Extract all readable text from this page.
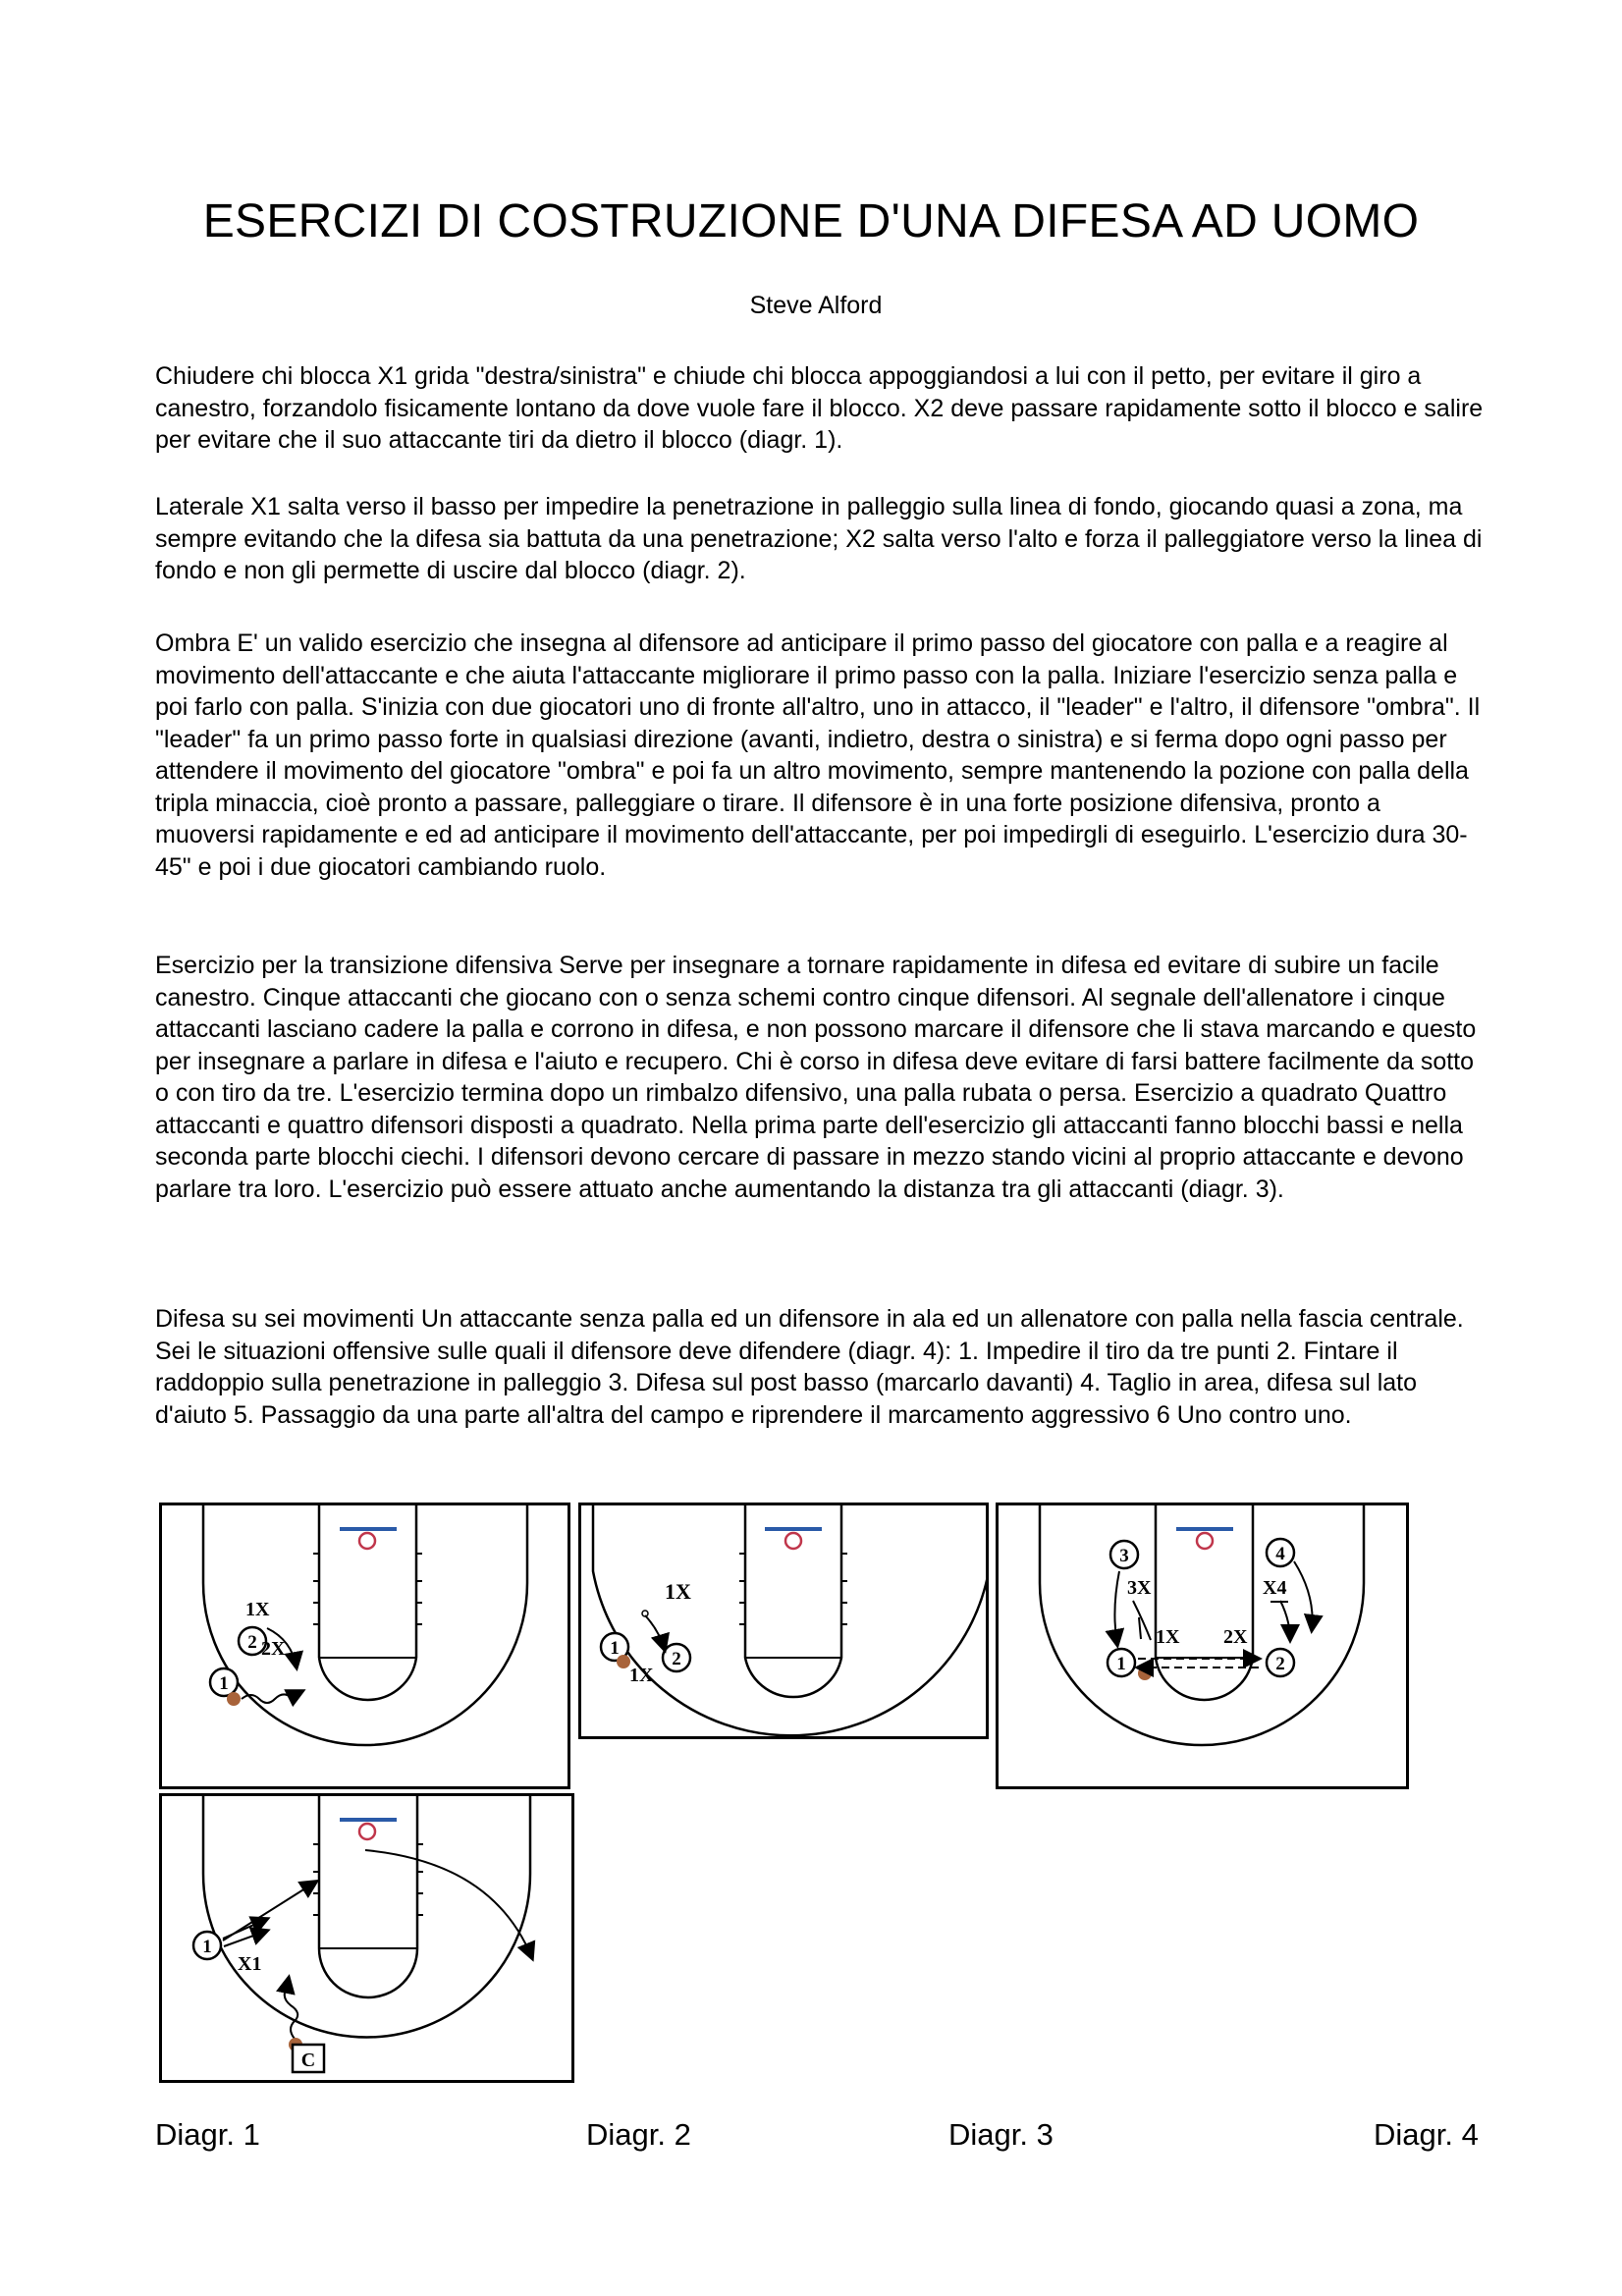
ESERCIZI DI COSTRUZIONE D'UNA DIFESA AD UOMO
Steve Alford

Chiudere chi blocca X1 grida "destra/sinistra" e chiude chi blocca appoggiandosi a lui con il petto, per evitare il giro a canestro, forzandolo fisicamente lontano da dove vuole fare il blocco. X2 deve passare rapidamente sotto il blocco e salire per evitare che il suo attaccante tiri da dietro il blocco (diagr. 1).

Laterale X1 salta verso il basso per impedire la penetrazione in palleggio sulla linea di fondo, giocando quasi a zona, ma sempre evitando che la difesa sia battuta da una penetrazione; X2 salta verso l'alto e forza il palleggiatore verso la linea di fondo e non gli permette di uscire dal blocco (diagr. 2).

Ombra E' un valido esercizio che insegna al difensore ad anticipare il primo passo del giocatore con palla e a reagire al movimento dell'attaccante e che aiuta l'attaccante migliorare il primo passo con la palla. Iniziare l'esercizio senza palla e poi farlo con palla. S'inizia con due giocatori uno di fronte all'altro, uno in attacco, il "leader" e l'altro, il difensore "ombra". Il "leader" fa un primo passo forte in qualsiasi direzione (avanti, indietro, destra o sinistra) e si ferma dopo ogni passo per attendere il movimento del giocatore "ombra" e poi fa un altro movimento, sempre mantenendo la pozione con palla della tripla minaccia, cioè pronto a passare, palleggiare o tirare. Il difensore è in una forte posizione difensiva, pronto a muoversi rapidamente e ed ad anticipare il movimento dell'attaccante, per poi impedirgli di eseguirlo. L'esercizio dura 30-45" e poi i due giocatori cambiando ruolo.

Esercizio per la transizione difensiva Serve per insegnare a tornare rapidamente in difesa ed evitare di subire un facile canestro. Cinque attaccanti che giocano con o senza schemi contro cinque difensori. Al segnale dell'allenatore i cinque attaccanti lasciano cadere la palla e corrono in difesa, e non possono marcare il difensore che li stava marcando e questo per insegnare a parlare in difesa e l'aiuto e recupero. Chi è corso in difesa deve evitare di farsi battere facilmente da sotto o con tiro da tre. L'esercizio termina dopo un rimbalzo difensivo, una palla rubata o persa. Esercizio a quadrato Quattro attaccanti e quattro difensori disposti a quadrato. Nella prima parte dell'esercizio gli attaccanti fanno blocchi bassi e nella seconda parte blocchi ciechi. I difensori devono cercare di passare in mezzo stando vicini al proprio attaccante e devono parlare tra loro. L'esercizio può essere attuato anche aumentando la distanza tra gli attaccanti (diagr. 3).

Difesa su sei movimenti Un attaccante senza palla ed un difensore in ala ed un allenatore con palla nella fascia centrale. Sei le situazioni offensive sulle quali il difensore deve difendere (diagr. 4): 1. Impedire il tiro da tre punti 2. Fintare il raddoppio sulla penetrazione in palleggio 3. Difesa sul post basso (marcarlo davanti) 4. Taglio in area, difesa sul lato d'aiuto 5. Passaggio da una parte all'altra del campo e riprendere il marcamento aggressivo 6 Uno contro uno.

2
1
1X
2X
1X
1
1X
2
3	4
3X	X4
1X 2X
1	2
1
X1
C
Diagr. 1	Diagr. 2	Diagr. 3	Diagr. 4
